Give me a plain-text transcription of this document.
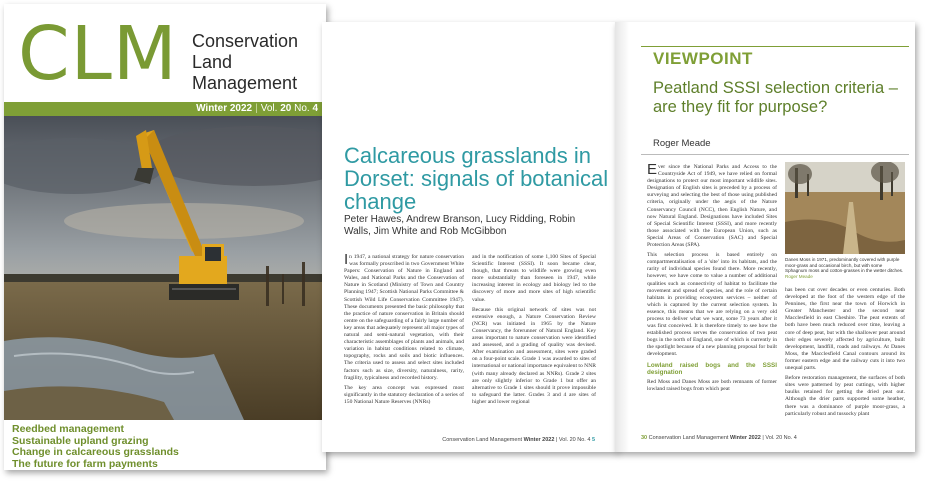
CLM Conservation
Land
Management
Winter 2022 | Vol. 20 No. 4
Reedbed management
Sustainable upland grazing
Change in calcareous grasslands
The future for farm payments
Calcareous grasslands in Dorset: signals of botanical change
Peter Hawes, Andrew Branson, Lucy Ridding, Robin Walls, Jim White and Rob McGibbon

In 1947, a national strategy for nature conservation was formally proscribed in two Government White Papers: Conservation of Nature in England and Wales, and National Parks and the Conservation of Nature in Scotland (Ministry of Town and Country Planning 1947; Scottish National Parks Committee & Scottish Wild Life Conservation Committee 1947). These documents presented the basic philosophy that the practice of nature conservation in Britain should centre on the safeguarding of a fairly large number of key areas that adequately represent all major types of natural and semi-natural vegetation, with their characteristic assemblages of plants and animals, and variation in habitat conditions related to climate, topography, rocks and soils and biotic influences. The criteria used to assess and select sites included factors such as size, diversity, naturalness, rarity, fragility, typicalness and recorded history.

The key area concept was expressed most significantly in the statutory declaration of a series of 150 National Nature Reserves (NNRs)

and in the notification of some 1,100 Sites of Special Scientific Interest (SSSI). It soon became clear, though, that threats to wildlife were growing even more substantially than foreseen in 1947, while increasing interest in ecology and biology led to the discovery of more and more sites of high scientific value.

Because this original network of sites was not extensive enough, a Nature Conservation Review (NCR) was initiated in 1965 by the Nature Conservancy, the forerunner of Natural England. Key areas important to nature conservation were identified and assessed, and a grading of quality was devised. After examination and assessment, sites were graded on a four-point scale. Grade 1 was awarded to sites of international or national importance equivalent to NNR (with many already declared as NNRs). Grade 2 sites are only slightly inferior to Grade 1 but offer an alternative to Grade 1 sites should it prove impossible to safeguard the latter. Grades 3 and 4 are sites of higher and lower regional

Conservation Land Management Winter 2022 | Vol. 20 No. 4 5
VIEWPOINT
Peatland SSSI selection criteria – are they fit for purpose?
Roger Meade

Ever since the National Parks and Access to the Countryside Act of 1949, we have relied on formal designations to protect our most important wildlife sites. Designation of English sites is preceded by a process of surveying and selecting the best of those using published criteria, originally under the aegis of the Nature Conservancy Council (NCC), then English Nature, and now Natural England. Designations have included Sites of Special Scientific Interest (SSSI), and more recently those associated with the European Union, such as Special Areas of Conservation (SAC) and Special Protection Areas (SPA).

This selection process is based entirely on compartmentalisation of a 'site' into its habitats, and the rarity of individual species found there. More recently, however, we have come to value a number of additional qualities such as connectivity of habitat to facilitate the movement and spread of species, and the role of certain habitats in providing ecosystem services – neither of which is captured by the current selection system. In essence, this means that we are relying on a very old process to deliver what we want, some 73 years after it was first conceived. It is therefore timely to see how the established process serves the conservation of two peat bogs in the north of England, one of which is currently in the spotlight because of a new planning proposal for built development.

Lowland raised bogs and the SSSI designation

Red Moss and Danes Moss are both remnants of former lowland raised bogs from which peat

Danes Moss in 1971, predominantly covered with purple moor-grass and occasional birch, but with some Sphagnum moss and cotton-grasses in the wetter ditches. Roger Meade

has been cut over decades or even centuries. Both developed at the foot of the western edge of the Pennines, the first near the town of Horwich in Greater Manchester and the second near Macclesfield in east Cheshire. The peat extents of both have been much reduced over time, leaving a core of deep peat, but with the shallower peat around their edges severely affected by agriculture, built development, landfill, roads and railways. At Danes Moss, the Macclesfield Canal contours around its former eastern edge and the railway cuts it into two unequal parts.

Before restoration management, the surfaces of both sites were patterned by peat cuttings, with higher baulks retained for getting the dried peat out. Although the drier parts supported some heather, there was a dominance of purple moor-grass, a particularly robust and tussocky plant

30 Conservation Land Management Winter 2022 | Vol. 20 No. 4
